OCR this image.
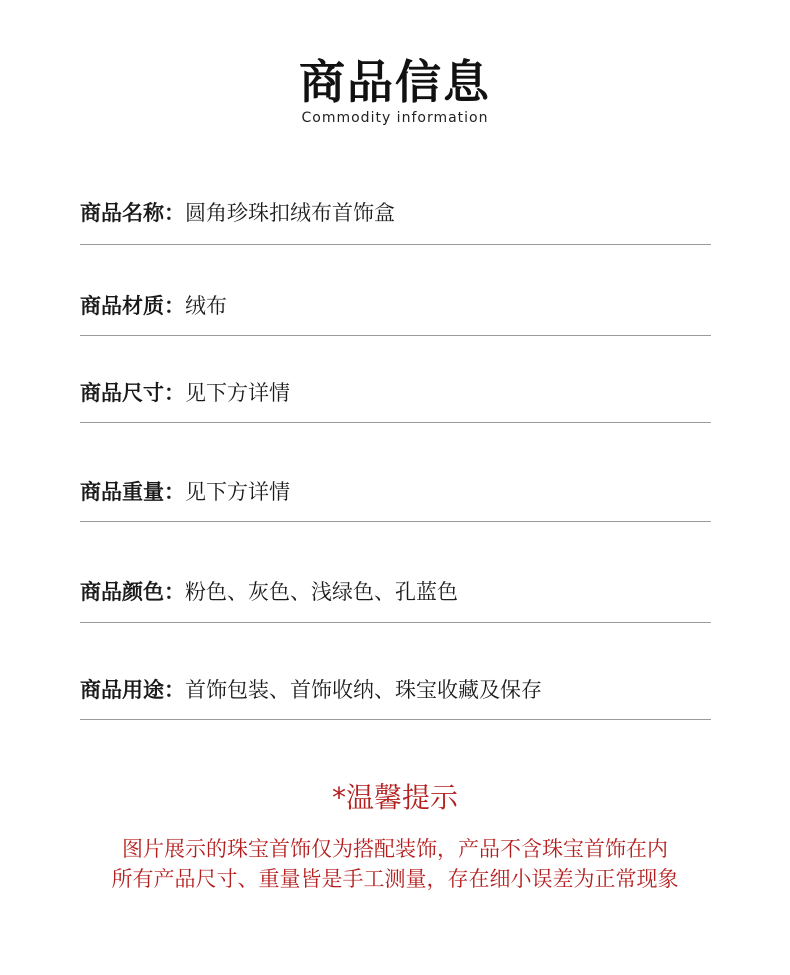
商品信息
Commodity information
商品名称：圆角珍珠扣绒布首饰盒
商品材质：绒布
商品尺寸：见下方详情
商品重量：见下方详情
商品颜色：粉色、灰色、浅绿色、孔蓝色
商品用途：首饰包装、首饰收纳、珠宝收藏及保存
*温馨提示
图片展示的珠宝首饰仅为搭配装饰，产品不含珠宝首饰在内
所有产品尺寸、重量皆是手工测量，存在细小误差为正常现象
